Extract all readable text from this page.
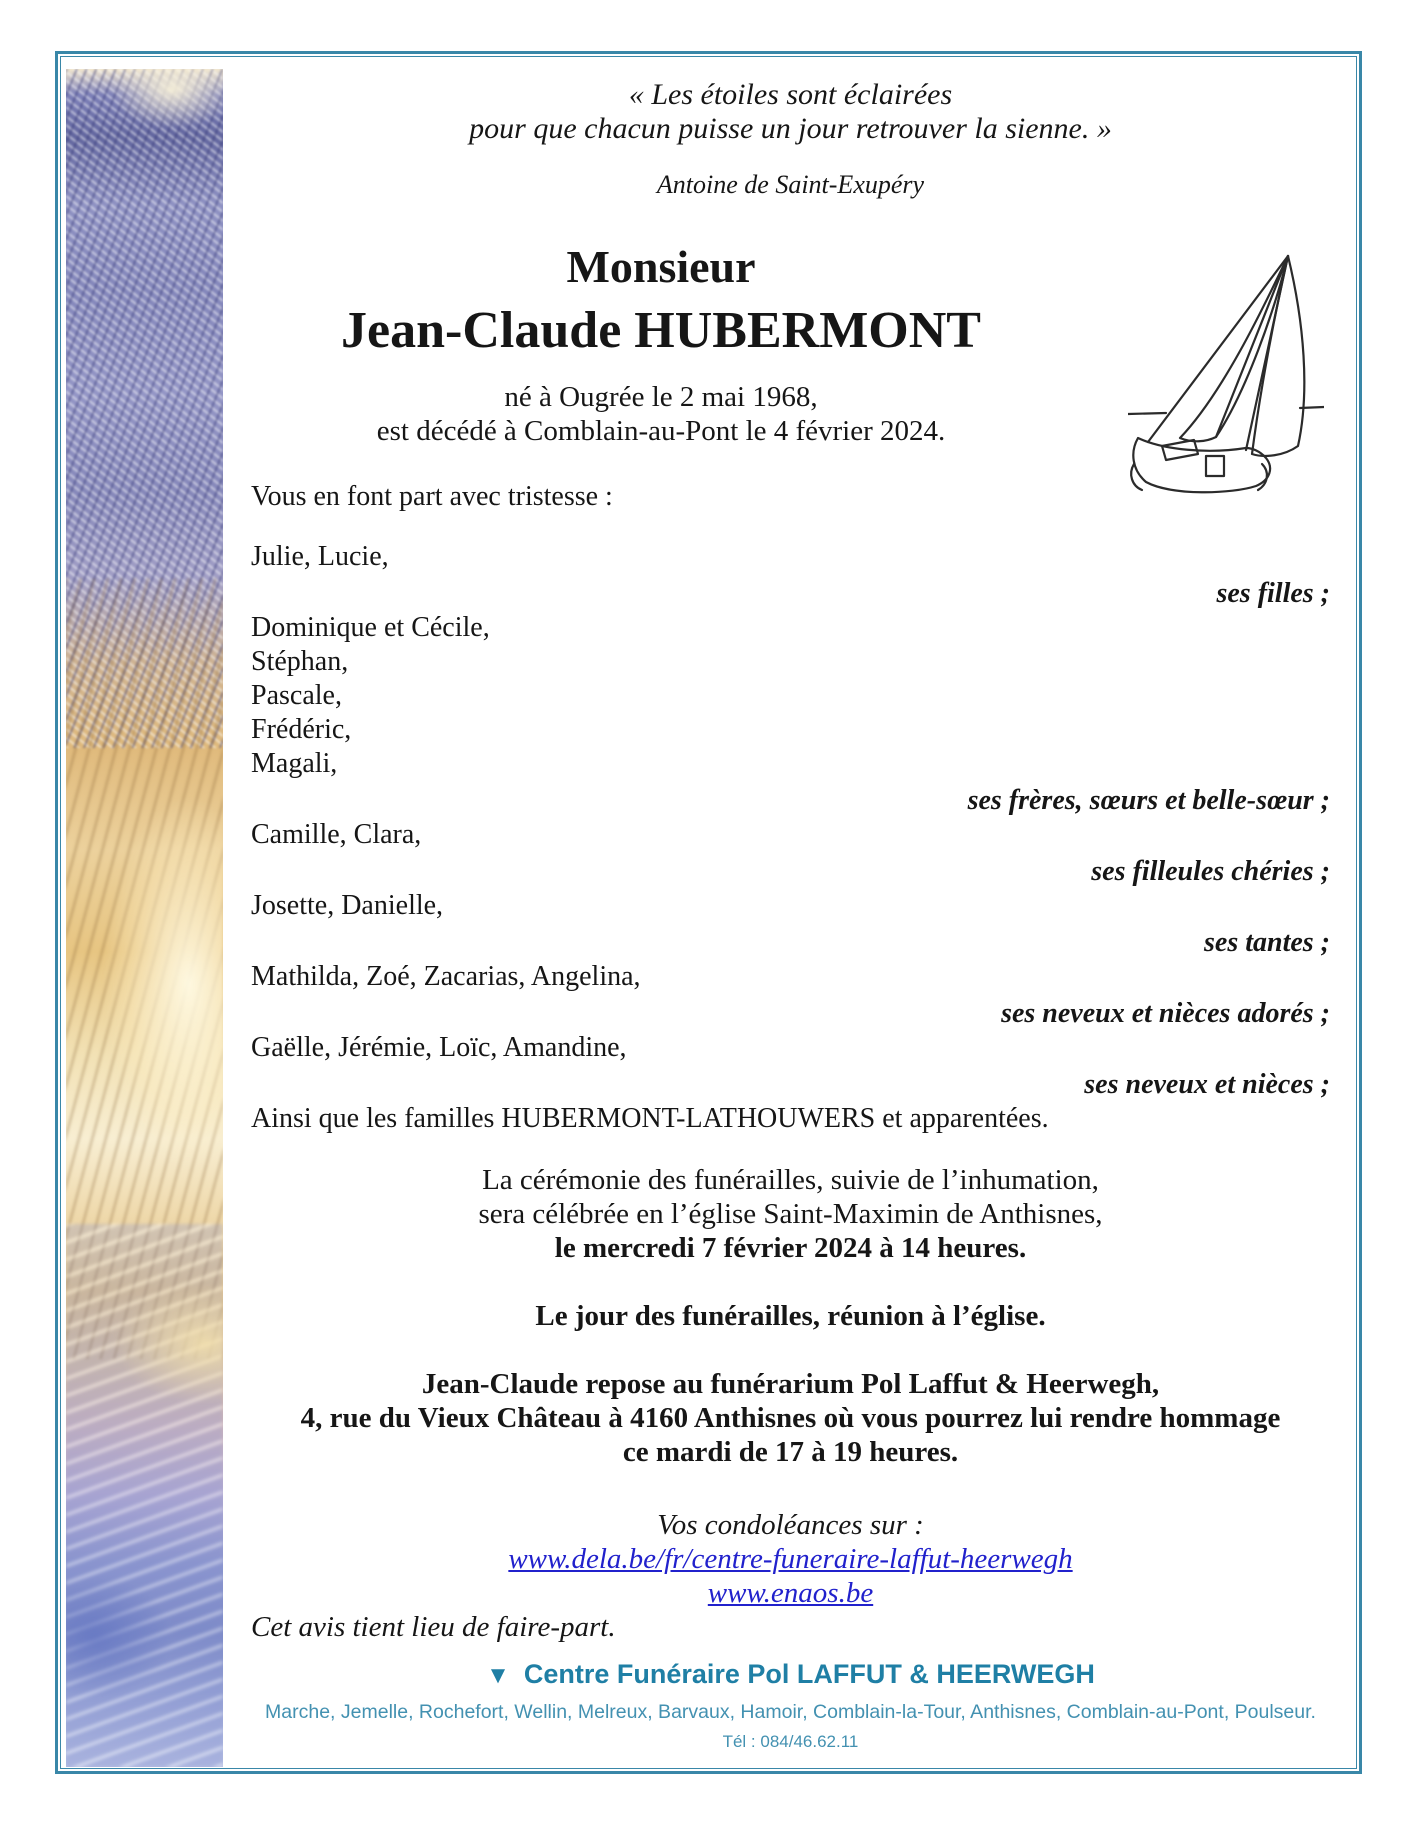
« Les étoiles sont éclairées
pour que chacun puisse un jour retrouver la sienne. »
Antoine de Saint-Exupéry
Monsieur
Jean-Claude HUBERMONT
né à Ougrée le 2 mai 1968,
est décédé à Comblain-au-Pont le 4 février 2024.
Vous en font part avec tristesse :
Julie, Lucie,
ses filles ;
Dominique et Cécile,
Stéphan,
Pascale,
Frédéric,
Magali,
ses frères, sœurs et belle-sœur ;
Camille, Clara,
ses filleules chéries ;
Josette, Danielle,
ses tantes ;
Mathilda, Zoé, Zacarias, Angelina,
ses neveux et nièces adorés ;
Gaëlle, Jérémie, Loïc, Amandine,
ses neveux et nièces ;
Ainsi que les familles HUBERMONT-LATHOUWERS et apparentées.
La cérémonie des funérailles, suivie de l’inhumation,
sera célébrée en l’église Saint-Maximin de Anthisnes,
le mercredi 7 février 2024 à 14 heures.
Le jour des funérailles, réunion à l’église.
Jean-Claude repose au funérarium Pol Laffut & Heerwegh,
4, rue du Vieux Château à 4160 Anthisnes où vous pourrez lui rendre hommage
ce mardi de 17 à 19 heures.
Vos condoléances sur :
www.dela.be/fr/centre-funeraire-laffut-heerwegh
www.enaos.be
Cet avis tient lieu de faire-part.
▼ Centre Funéraire Pol LAFFUT & HEERWEGH
Marche, Jemelle, Rochefort, Wellin, Melreux, Barvaux, Hamoir, Comblain-la-Tour, Anthisnes, Comblain-au-Pont, Poulseur.
Tél : 084/46.62.11
